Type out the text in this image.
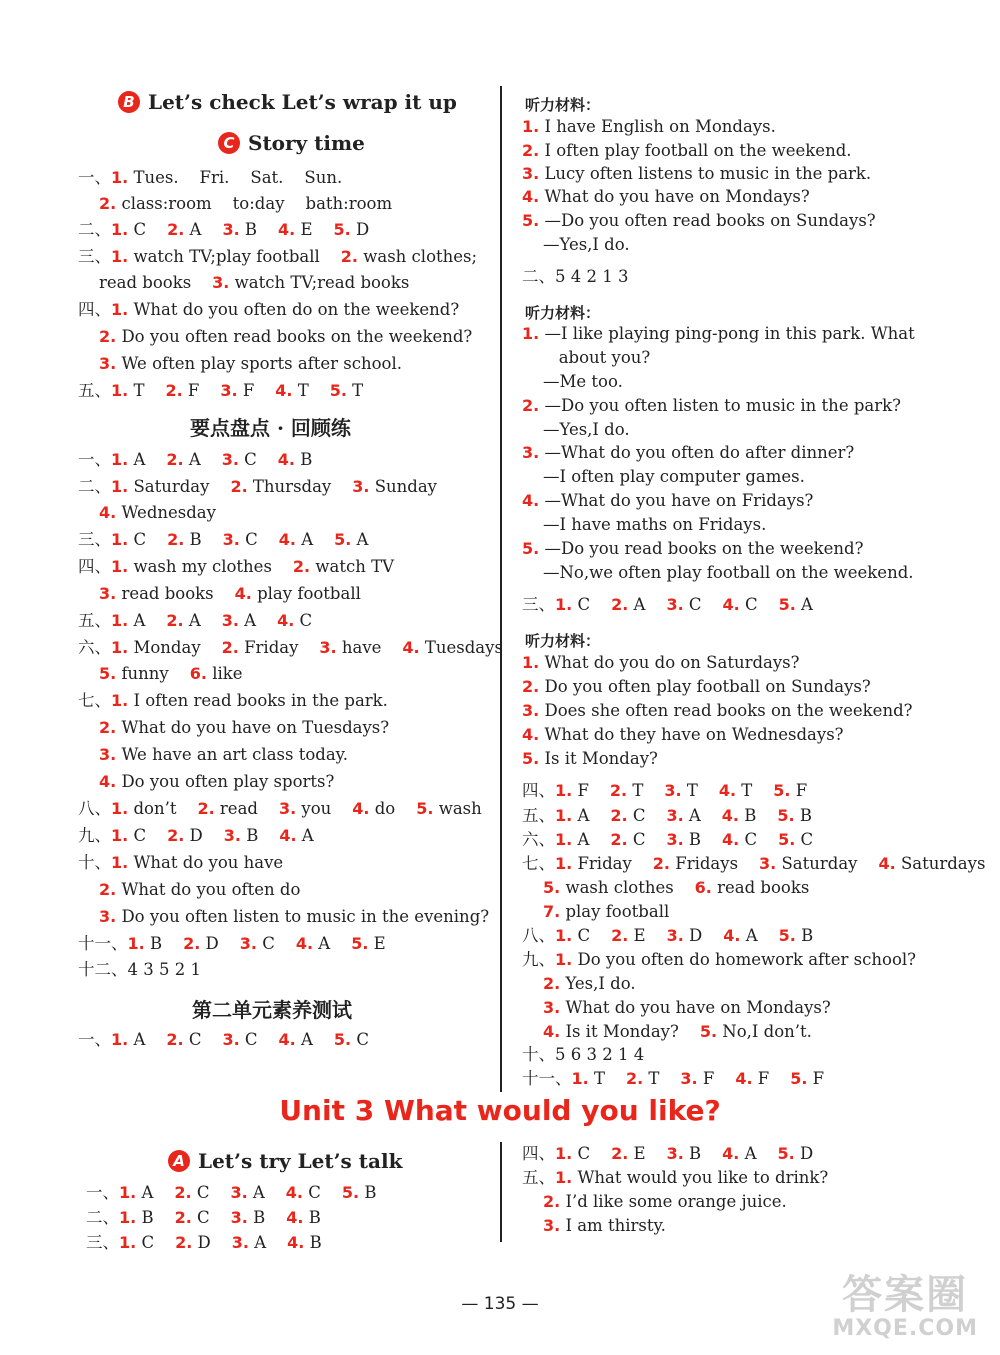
B Let’s check Let’s wrap it up
C Story time
要点盘点 · 回顾练
第二单元素养测试
一、1. Tues.    Fri.    Sat.    Sun.
2. class:room    to:day    bath:room
二、1. C    2. A    3. B    4. E    5. D
三、1. watch TV;play football    2. wash clothes;
read books    3. watch TV;read books
四、1. What do you often do on the weekend?
2. Do you often read books on the weekend?
3. We often play sports after school.
五、1. T    2. F    3. F    4. T    5. T
一、1. A    2. A    3. C    4. B
二、1. Saturday    2. Thursday    3. Sunday
4. Wednesday
三、1. C    2. B    3. C    4. A    5. A
四、1. wash my clothes    2. watch TV
3. read books    4. play football
五、1. A    2. A    3. A    4. C
六、1. Monday    2. Friday    3. have    4. Tuesdays
5. funny    6. like
七、1. I often read books in the park.
2. What do you have on Tuesdays?
3. We have an art class today.
4. Do you often play sports?
八、1. don’t    2. read    3. you    4. do    5. wash
九、1. C    2. D    3. B    4. A
十、1. What do you have
2. What do you often do
3. Do you often listen to music in the evening?
十一、1. B    2. D    3. C    4. A    5. E
十二、4 3 5 2 1
一、1. A    2. C    3. C    4. A    5. C
听力材料：
听力材料：
听力材料：
1. I have English on Mondays.
2. I often play football on the weekend.
3. Lucy often listens to music in the park.
4. What do you have on Mondays?
5. —Do you often read books on Sundays?
—Yes,I do.
二、5 4 2 1 3
1. —I like playing ping-pong in this park. What
about you?
—Me too.
2. —Do you often listen to music in the park?
—Yes,I do.
3. —What do you often do after dinner?
—I often play computer games.
4. —What do you have on Fridays?
—I have maths on Fridays.
5. —Do you read books on the weekend?
—No,we often play football on the weekend.
三、1. C    2. A    3. C    4. C    5. A
1. What do you do on Saturdays?
2. Do you often play football on Sundays?
3. Does she often read books on the weekend?
4. What do they have on Wednesdays?
5. Is it Monday?
四、1. F    2. T    3. T    4. T    5. F
五、1. A    2. C    3. A    4. B    5. B
六、1. A    2. C    3. B    4. C    5. C
七、1. Friday    2. Fridays    3. Saturday    4. Saturdays
5. wash clothes    6. read books
7. play football
八、1. C    2. E    3. D    4. A    5. B
九、1. Do you often do homework after school?
2. Yes,I do.
3. What do you have on Mondays?
4. Is it Monday?    5. No,I don’t.
十、5 6 3 2 1 4
十一、1. T    2. T    3. F    4. F    5. F
Unit 3 What would you like?
A Let’s try Let’s talk
一、1. A    2. C    3. A    4. C    5. B
二、1. B    2. C    3. B    4. B
三、1. C    2. D    3. A    4. B
四、1. C    2. E    3. B    4. A    5. D
五、1. What would you like to drink?
2. I’d like some orange juice.
3. I am thirsty.
— 135 —	答案圈
MXQE.COM
